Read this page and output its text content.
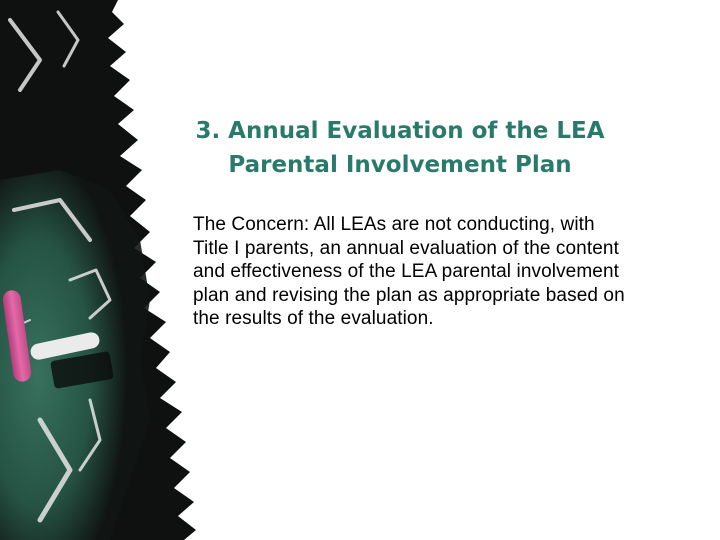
3. Annual Evaluation of the LEA
Parental Involvement Plan

The Concern: All LEAs are not conducting, with Title I parents, an annual evaluation of the content and effectiveness of the LEA parental involvement plan and revising the plan as appropriate based on the results of the evaluation.
